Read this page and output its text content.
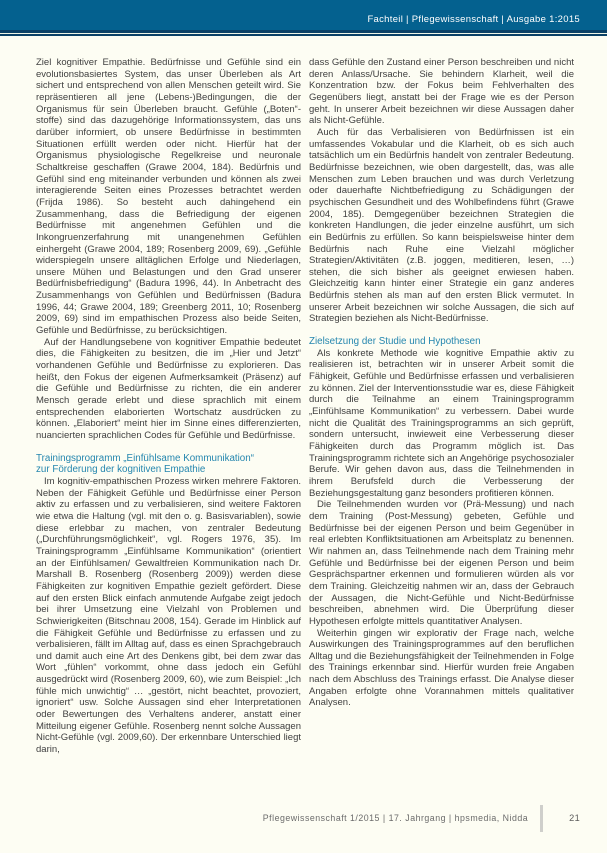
Fachteil | Pflegewissenschaft | Ausgabe 1:2015

Ziel kognitiver Empathie. Bedürfnisse und Gefühle sind ein evolutionsbasiertes System, das unser Überleben als Art sichert und entsprechend von allen Menschen geteilt wird. Sie repräsentieren all jene (Lebens-)Bedingungen, die der Organismus für sein Überleben braucht. Gefühle („Boten“-stoffe) sind das dazugehörige Informationssystem, das uns darüber informiert, ob unsere Bedürfnisse in bestimmten Situationen erfüllt werden oder nicht. Hierfür hat der Organismus physiologische Regelkreise und neuronale Schaltkreise geschaffen (Grawe 2004, 184). Bedürfnis und Gefühl sind eng miteinander verbunden und können als zwei interagierende Seiten eines Prozesses betrachtet werden (Frijda 1986). So besteht auch dahingehend ein Zusammenhang, dass die Befriedigung der eigenen Bedürfnisse mit angenehmen Gefühlen und die Inkongruenzerfahrung mit unangenehmen Gefühlen einhergeht (Grawe 2004, 189; Rosenberg 2009, 69). „Gefühle widerspiegeln unsere alltäglichen Erfolge und Niederlagen, unsere Mühen und Belastungen und den Grad unserer Bedürfnisbefriedigung“ (Badura 1996, 44). In Anbetracht des Zusammenhangs von Gefühlen und Bedürfnissen (Badura 1996, 44; Grawe 2004, 189; Greenberg 2011, 10; Rosenberg 2009, 69) sind im empathischen Prozess also beide Seiten, Gefühle und Bedürfnisse, zu berücksichtigen.

Auf der Handlungsebene von kognitiver Empathie bedeutet dies, die Fähigkeiten zu besitzen, die im „Hier und Jetzt“ vorhandenen Gefühle und Bedürfnisse zu explorieren. Das heißt, den Fokus der eigenen Aufmerksamkeit (Präsenz) auf die Gefühle und Bedürfnisse zu richten, die ein anderer Mensch gerade erlebt und diese sprachlich mit einem entsprechenden elaborierten Wortschatz ausdrücken zu können. „Elaboriert“ meint hier im Sinne eines differenzierten, nuancierten sprachlichen Codes für Gefühle und Bedürfnisse.

Trainingsprogramm „Einfühlsame Kommunikation“
zur Förderung der kognitiven Empathie

Im kognitiv-empathischen Prozess wirken mehrere Faktoren. Neben der Fähigkeit Gefühle und Bedürfnisse einer Person aktiv zu erfassen und zu verbalisieren, sind weitere Faktoren wie etwa die Haltung (vgl. mit den o. g. Basisvariablen), sowie diese erlebbar zu machen, von zentraler Bedeutung („Durchführungsmöglichkeit“, vgl. Rogers 1976, 35). Im Trainingsprogramm „Einfühlsame Kommunikation“ (orientiert an der Einfühlsamen/ Gewaltfreien Kommunikation nach Dr. Marshall B. Rosenberg (Rosenberg 2009)) werden diese Fähigkeiten zur kognitiven Empathie gezielt gefördert. Diese auf den ersten Blick einfach anmutende Aufgabe zeigt jedoch bei ihrer Umsetzung eine Vielzahl von Problemen und Schwierigkeiten (Bitschnau 2008, 154). Gerade im Hinblick auf die Fähigkeit Gefühle und Bedürfnisse zu erfassen und zu verbalisieren, fällt im Alltag auf, dass es einen Sprachgebrauch und damit auch eine Art des Denkens gibt, bei dem zwar das Wort „fühlen“ vorkommt, ohne dass jedoch ein Gefühl ausgedrückt wird (Rosenberg 2009, 60), wie zum Beispiel: „Ich fühle mich unwichtig“ … „gestört, nicht beachtet, provoziert, ignoriert“ usw. Solche Aussagen sind eher Interpretationen oder Bewertungen des Verhaltens anderer, anstatt einer Mitteilung eigener Gefühle. Rosenberg nennt solche Aussagen Nicht-Gefühle (vgl. 2009,60). Der erkennbare Unterschied liegt darin,

dass Gefühle den Zustand einer Person beschreiben und nicht deren Anlass/Ursache. Sie behindern Klarheit, weil die Konzentration bzw. der Fokus beim Fehlverhalten des Gegenübers liegt, anstatt bei der Frage wie es der Person geht. In unserer Arbeit bezeichnen wir diese Aussagen daher als Nicht-Gefühle.

Auch für das Verbalisieren von Bedürfnissen ist ein umfassendes Vokabular und die Klarheit, ob es sich auch tatsächlich um ein Bedürfnis handelt von zentraler Bedeutung. Bedürfnisse bezeichnen, wie oben dargestellt, das, was alle Menschen zum Leben brauchen und was durch Verletzung oder dauerhafte Nichtbefriedigung zu Schädigungen der psychischen Gesundheit und des Wohlbefindens führt (Grawe 2004, 185). Demgegenüber bezeichnen Strategien die konkreten Handlungen, die jeder einzelne ausführt, um sich ein Bedürfnis zu erfüllen. So kann beispielsweise hinter dem Bedürfnis nach Ruhe eine Vielzahl möglicher Strategien/Aktivitäten (z.B. joggen, meditieren, lesen, …) stehen, die sich bisher als geeignet erwiesen haben. Gleichzeitig kann hinter einer Strategie ein ganz anderes Bedürfnis stehen als man auf den ersten Blick vermutet. In unserer Arbeit bezeichnen wir solche Aussagen, die sich auf Strategien beziehen als Nicht-Bedürfnisse.

Zielsetzung der Studie und Hypothesen

Als konkrete Methode wie kognitive Empathie aktiv zu realisieren ist, betrachten wir in unserer Arbeit somit die Fähigkeit, Gefühle und Bedürfnisse erfassen und verbalisieren zu können. Ziel der Interventionsstudie war es, diese Fähigkeit durch die Teilnahme an einem Trainingsprogramm „Einfühlsame Kommunikation“ zu verbessern. Dabei wurde nicht die Qualität des Trainingsprogramms an sich geprüft, sondern untersucht, inwieweit eine Verbesserung dieser Fähigkeiten durch das Programm möglich ist. Das Trainingsprogramm richtete sich an Angehörige psychosozialer Berufe. Wir gehen davon aus, dass die Teilnehmenden in ihrem Berufsfeld durch die Verbesserung der Beziehungsgestaltung ganz besonders profitieren können.

Die Teilnehmenden wurden vor (Prä-Messung) und nach dem Training (Post-Messung) gebeten, Gefühle und Bedürfnisse bei der eigenen Person und beim Gegenüber in real erlebten Konfliktsituationen am Arbeitsplatz zu benennen. Wir nahmen an, dass Teilnehmende nach dem Training mehr Gefühle und Bedürfnisse bei der eigenen Person und beim Gesprächspartner erkennen und formulieren würden als vor dem Training. Gleichzeitig nahmen wir an, dass der Gebrauch der Aussagen, die Nicht-Gefühle und Nicht-Bedürfnisse beschreiben, abnehmen wird. Die Überprüfung dieser Hypothesen erfolgte mittels quantitativer Analysen.

Weiterhin gingen wir explorativ der Frage nach, welche Auswirkungen des Trainingsprogrammes auf den beruflichen Alltag und die Beziehungsfähigkeit der Teilnehmenden in Folge des Trainings erkennbar sind. Hierfür wurden freie Angaben nach dem Abschluss des Trainings erfasst. Die Analyse dieser Angaben erfolgte ohne Vorannahmen mittels qualitativer Analysen.

Pflegewissenschaft 1/2015 | 17. Jahrgang | hpsmedia, Nidda	21
